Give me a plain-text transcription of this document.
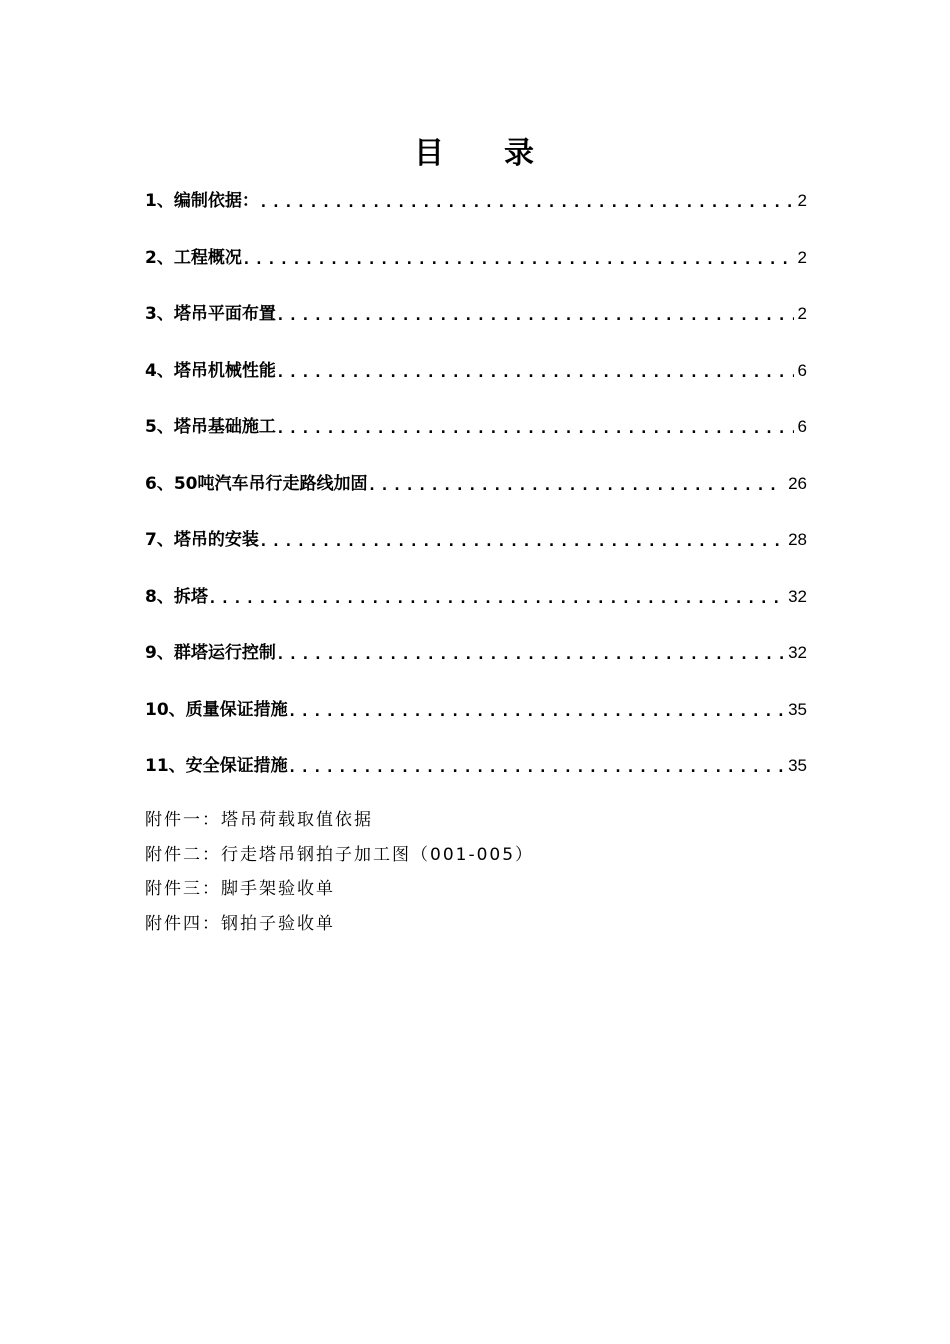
目 录
1、编制依据： .....	2
2、工程概况 .....	2
3、塔吊平面布置 .....	2
4、塔吊机械性能 .....	6
5、塔吊基础施工 .....	6
6、50吨汽车吊行走路线加固 .....	26
7、塔吊的安装 .....	28
8、拆塔 .....	32
9、群塔运行控制 .....	32
10、质量保证措施 .....	35
11、安全保证措施 .....	35
附件一：塔吊荷载取值依据
附件二：行走塔吊钢拍子加工图（001-005）
附件三：脚手架验收单
附件四：钢拍子验收单
